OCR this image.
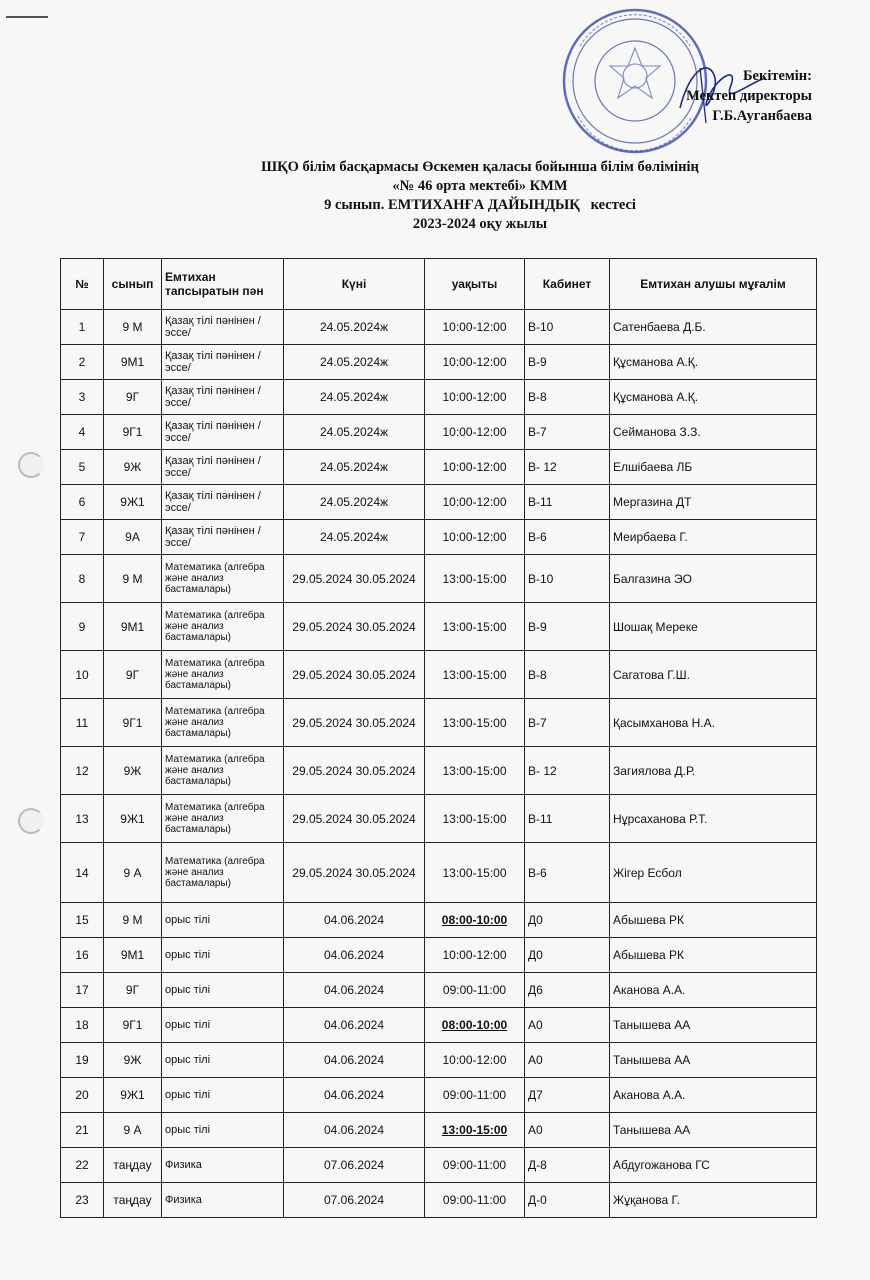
Бекітемін:
Мектеп директоры
Г.Б.Ауганбаева
ШҚО білім басқармасы Өскемен қаласы бойынша білім бөлімінің
«№ 46 орта мектебі» КММ
9 сынып. ЕМТИХАНҒА ДАЙЫНДЫҚ   кестесі
2023-2024 оқу жылы
№	сынып	Емтихан тапсыратын пән	Күні	уақыты	Кабинет	Емтихан алушы мұғалім
1	9 М	Қазақ тілі пәнінен /эссе/	24.05.2024ж	10:00-12:00	В-10	Сатенбаева Д.Б.
2	9М1	Қазақ тілі пәнінен /эссе/	24.05.2024ж	10:00-12:00	В-9	Құсманова А.Қ.
3	9Г	Қазақ тілі пәнінен /эссе/	24.05.2024ж	10:00-12:00	В-8	Құсманова А.Қ.
4	9Г1	Қазақ тілі пәнінен /эссе/	24.05.2024ж	10:00-12:00	В-7	Сейманова З.З.
5	9Ж	Қазақ тілі пәнінен /эссе/	24.05.2024ж	10:00-12:00	В- 12	Елшібаева ЛБ
6	9Ж1	Қазақ тілі пәнінен /эссе/	24.05.2024ж	10:00-12:00	В-11	Мергазина ДТ
7	9А	Қазақ тілі пәнінен /эссе/	24.05.2024ж	10:00-12:00	В-6	Меирбаева Г.
8	9 М	Математика (алгебра және анализ бастамалары)	29.05.2024 30.05.2024	13:00-15:00	В-10	Балгазина ЭО
9	9М1	Математика (алгебра және анализ бастамалары)	29.05.2024 30.05.2024	13:00-15:00	В-9	Шошақ Мереке
10	9Г	Математика (алгебра және анализ бастамалары)	29.05.2024 30.05.2024	13:00-15:00	В-8	Сагатова Г.Ш.
11	9Г1	Математика (алгебра және анализ бастамалары)	29.05.2024 30.05.2024	13:00-15:00	В-7	Қасымханова Н.А.
12	9Ж	Математика (алгебра және анализ бастамалары)	29.05.2024 30.05.2024	13:00-15:00	В- 12	Загиялова Д.Р.
13	9Ж1	Математика (алгебра және анализ бастамалары)	29.05.2024 30.05.2024	13:00-15:00	В-11	Нұрсаханова Р.Т.
14	9 А	Математика (алгебра және анализ бастамалары)	29.05.2024 30.05.2024	13:00-15:00	В-6	Жігер Есбол
15	9 М	орыс тілі	04.06.2024	08:00-10:00	Д0	Абышева РК
16	9М1	орыс тілі	04.06.2024	10:00-12:00	Д0	Абышева РК
17	9Г	орыс тілі	04.06.2024	09:00-11:00	Д6	Аканова А.А.
18	9Г1	орыс тілі	04.06.2024	08:00-10:00	А0	Танышева АА
19	9Ж	орыс тілі	04.06.2024	10:00-12:00	А0	Танышева АА
20	9Ж1	орыс тілі	04.06.2024	09:00-11:00	Д7	Аканова А.А.
21	9 А	орыс тілі	04.06.2024	13:00-15:00	А0	Танышева АА
22	таңдау	Физика	07.06.2024	09:00-11:00	Д-8	Абдугожанова ГС
23	таңдау	Физика	07.06.2024	09:00-11:00	Д-0	Жұқанова Г.
